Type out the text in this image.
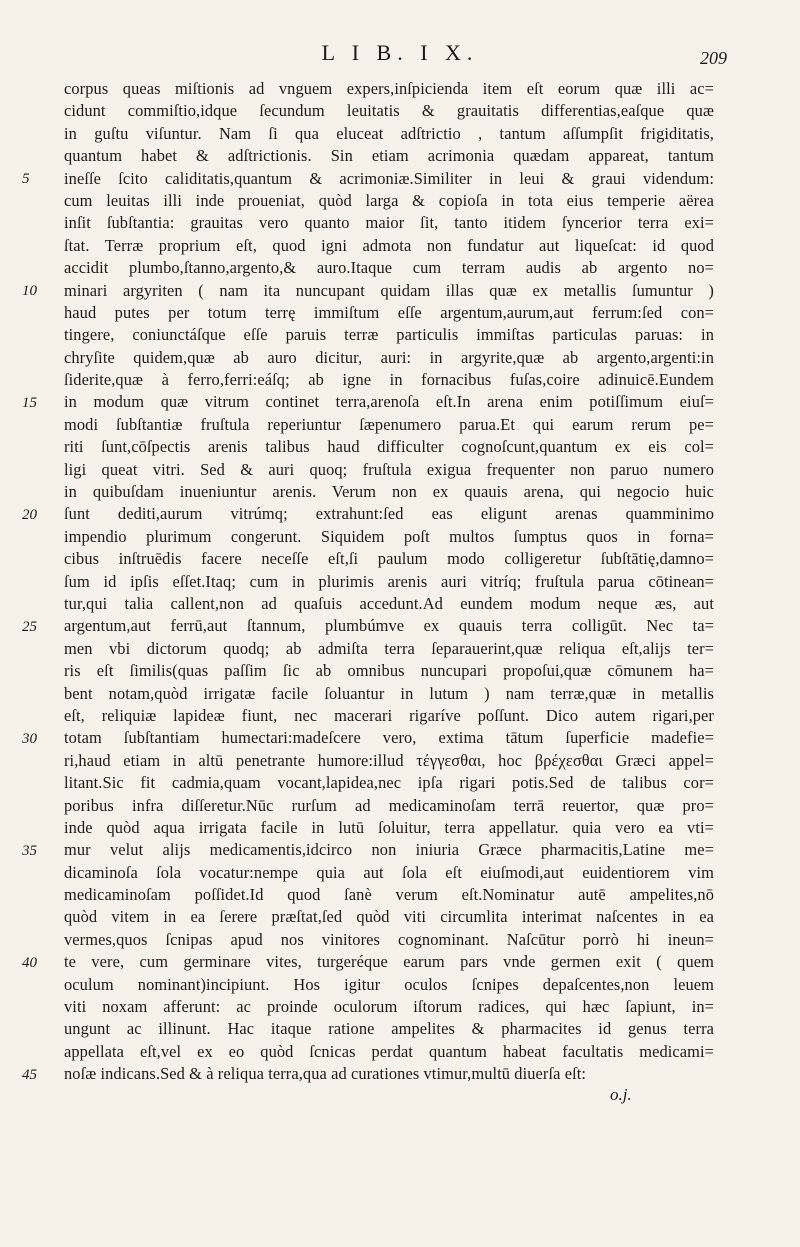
L I B. I X.	209
5
10
15
20
25
30
35
40
45
corpus queas miſtionis ad vnguem expers,inſpicienda item eſt eorum quæ illi ac=
cidunt commiſtio,idque ſecundum leuitatis & grauitatis differentias,eaſque quæ
in guſtu viſuntur. Nam ſi qua eluceat adſtrictio , tantum aſſumpſit frigiditatis,
quantum habet & adſtrictionis. Sin etiam acrimonia quædam appareat, tantum
ineſſe ſcito caliditatis,quantum & acrimoniæ.Similiter in leui & graui videndum:
cum leuitas illi inde proueniat, quòd larga & copioſa in tota eius temperie aërea
inſit ſubſtantia: grauitas vero quanto maior ſit, tanto itidem ſyncerior terra exi=
ſtat. Terræ proprium eſt, quod igni admota non fundatur aut liqueſcat: id quod
accidit plumbo,ſtanno,argento,& auro.Itaque cum terram audis ab argento no=
minari argyriten ( nam ita nuncupant quidam illas quæ ex metallis ſumuntur )
haud putes per totum terrę immiſtum eſſe argentum,aurum,aut ferrum:ſed con=
tingere, coniunctáſque eſſe paruis terræ particulis immiſtas particulas paruas: in
chryſite quidem,quæ ab auro dicitur, auri: in argyrite,quæ ab argento,argenti:in
ſiderite,quæ à ferro,ferri:eáſq; ab igne in fornacibus fuſas,coire adinuicē.Eundem
in modum quæ vitrum continet terra,arenoſa eſt.In arena enim potiſſimum eiuſ=
modi ſubſtantiæ fruſtula reperiuntur ſæpenumero parua.Et qui earum rerum pe=
riti ſunt,cōſpectis arenis talibus haud difficulter cognoſcunt,quantum ex eis col=
ligi queat vitri. Sed & auri quoq; fruſtula exigua frequenter non paruo numero
in quibuſdam inueniuntur arenis. Verum non ex quauis arena, qui negocio huic
ſunt dediti,aurum vitrúmq; extrahunt:ſed eas eligunt arenas quamminimo
impendio plurimum congerunt. Siquidem poſt multos ſumptus quos in forna=
cibus inſtruēdis facere neceſſe eſt,ſi paulum modo colligeretur ſubſtātię,damno=
ſum id ipſis eſſet.Itaq; cum in plurimis arenis auri vitríq; fruſtula parua cōtinean=
tur,qui talia callent,non ad quaſuis accedunt.Ad eundem modum neque æs, aut
argentum,aut ferrū,aut ſtannum, plumbúmve ex quauis terra colligūt. Nec ta=
men vbi dictorum quodq; ab admiſta terra ſeparauerint,quæ reliqua eſt,alijs ter=
ris eſt ſimilis(quas paſſim ſic ab omnibus nuncupari propoſui,quæ cōmunem ha=
bent notam,quòd irrigatæ facile ſoluantur in lutum ) nam terræ,quæ in metallis
eſt, reliquiæ lapideæ fiunt, nec macerari rigaríve poſſunt. Dico autem rigari,per
totam ſubſtantiam humectari:madeſcere vero, extima tātum ſuperficie madefie=
ri,haud etiam in altū penetrante humore:illud τέγγεσθαι, hoc βρέχεσθαι Græci appel=
litant.Sic fit cadmia,quam vocant,lapidea,nec ipſa rigari potis.Sed de talibus cor=
poribus infra diſſeretur.Nūc rurſum ad medicaminoſam terrā reuertor, quæ pro=
inde quòd aqua irrigata facile in lutū ſoluitur, terra appellatur. quia vero ea vti=
mur velut alijs medicamentis,idcirco non iniuria Græce pharmacitis,Latine me=
dicaminoſa ſola vocatur:nempe quia aut ſola eſt eiuſmodi,aut euidentiorem vim
medicaminoſam poſſidet.Id quod ſanè verum eſt.Nominatur autē ampelites,nō
quòd vitem in ea ſerere præſtat,ſed quòd viti circumlita interimat naſcentes in ea
vermes,quos ſcnipas apud nos vinitores cognominant. Naſcūtur porrò hi ineun=
te vere, cum germinare vites, turgeréque earum pars vnde germen exit ( quem
oculum nominant)incipiunt. Hos igitur oculos ſcnipes depaſcentes,non leuem
viti noxam afferunt: ac proinde oculorum iſtorum radices, qui hæc ſapiunt, in=
ungunt ac illinunt. Hac itaque ratione ampelites & pharmacites id genus terra
appellata eſt,vel ex eo quòd ſcnicas perdat quantum habeat facultatis medicami=
noſæ indicans.Sed & à reliqua terra,qua ad curationes vtimur,multū diuerſa eſt:
o.j.
